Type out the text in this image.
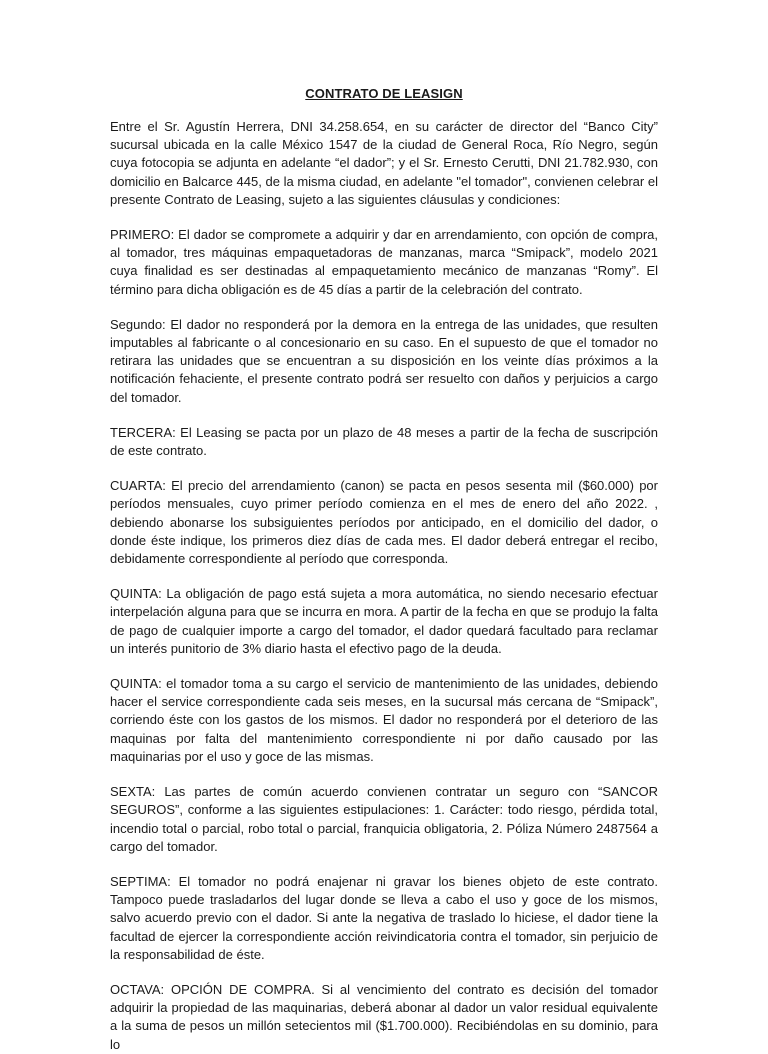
CONTRATO DE LEASIGN

Entre el Sr. Agustín Herrera, DNI 34.258.654, en su carácter de director del “Banco City” sucursal ubicada en la calle México 1547 de la ciudad de General Roca, Río Negro, según cuya fotocopia se adjunta en adelante “el dador”; y el Sr. Ernesto Cerutti, DNI 21.782.930, con domicilio en Balcarce 445, de la misma ciudad, en adelante "el tomador", convienen celebrar el presente Contrato de Leasing, sujeto a las siguientes cláusulas y condiciones:

PRIMERO: El dador se compromete a adquirir y dar en arrendamiento, con opción de compra, al tomador, tres máquinas empaquetadoras de manzanas, marca “Smipack”, modelo 2021 cuya finalidad es ser destinadas al empaquetamiento mecánico de manzanas “Romy”. El término para dicha obligación es de 45 días a partir de la celebración del contrato.

Segundo: El dador no responderá por la demora en la entrega de las unidades, que resulten imputables al fabricante o al concesionario en su caso. En el supuesto de que el tomador no retirara las unidades que se encuentran a su disposición en los veinte días próximos a la notificación fehaciente, el presente contrato podrá ser resuelto con daños y perjuicios a cargo del tomador.

TERCERA: El Leasing se pacta por un plazo de 48 meses a partir de la fecha de suscripción de este contrato.

CUARTA: El precio del arrendamiento (canon) se pacta en pesos sesenta mil ($60.000) por períodos mensuales, cuyo primer período comienza en el mes de enero del año 2022. , debiendo abonarse los subsiguientes períodos por anticipado, en el domicilio del dador, o donde éste indique, los primeros diez días de cada mes. El dador deberá entregar el recibo, debidamente correspondiente al período que corresponda.

QUINTA: La obligación de pago está sujeta a mora automática, no siendo necesario efectuar interpelación alguna para que se incurra en mora. A partir de la fecha en que se produjo la falta de pago de cualquier importe a cargo del tomador, el dador quedará facultado para reclamar un interés punitorio de 3% diario hasta el efectivo pago de la deuda.

QUINTA: el tomador toma a su cargo el servicio de mantenimiento de las unidades, debiendo hacer el service correspondiente cada seis meses, en la sucursal más cercana de “Smipack”, corriendo éste con los gastos de los mismos. El dador no responderá por el deterioro de las maquinas por falta del mantenimiento correspondiente ni por daño causado por las maquinarias por el uso y goce de las mismas.

SEXTA: Las partes de común acuerdo convienen contratar un seguro con “SANCOR SEGUROS”, conforme a las siguientes estipulaciones: 1. Carácter: todo riesgo, pérdida total, incendio total o parcial, robo total o parcial, franquicia obligatoria, 2. Póliza Número 2487564 a cargo del tomador.

SEPTIMA: El tomador no podrá enajenar ni gravar los bienes objeto de este contrato. Tampoco puede trasladarlos del lugar donde se lleva a cabo el uso y goce de los mismos, salvo acuerdo previo con el dador. Si ante la negativa de traslado lo hiciese, el dador tiene la facultad de ejercer la correspondiente acción reivindicatoria contra el tomador, sin perjuicio de la responsabilidad de éste.

OCTAVA: OPCIÓN DE COMPRA. Si al vencimiento del contrato es decisión del tomador adquirir la propiedad de las maquinarias, deberá abonar al dador un valor residual equivalente a la suma de pesos un millón setecientos mil ($1.700.000). Recibiéndolas en su dominio, para lo
